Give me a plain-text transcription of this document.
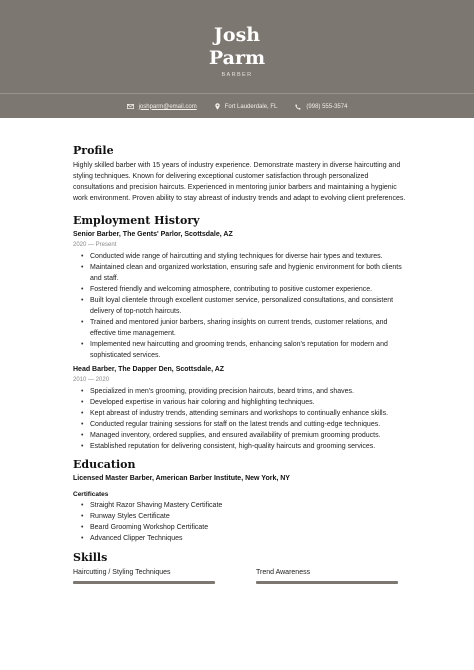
Josh
Parm
BARBER
joshparm@email.com	Fort Lauderdale, FL	(998) 555-3574
Profile

Highly skilled barber with 15 years of industry experience. Demonstrate mastery in diverse haircutting and styling techniques. Known for delivering exceptional customer satisfaction through personalized consultations and precision haircuts. Experienced in mentoring junior barbers and maintaining a hygienic work environment. Proven ability to stay abreast of industry trends and adapt to evolving client preferences.

Employment History
Senior Barber, The Gents' Parlor, Scottsdale, AZ
2020 — Present
• Conducted wide range of haircutting and styling techniques for diverse hair types and textures.
• Maintained clean and organized workstation, ensuring safe and hygienic environment for both clients and staff.
• Fostered friendly and welcoming atmosphere, contributing to positive customer experience.
• Built loyal clientele through excellent customer service, personalized consultations, and consistent delivery of top-notch haircuts.
• Trained and mentored junior barbers, sharing insights on current trends, customer relations, and effective time management.
• Implemented new haircutting and grooming trends, enhancing salon's reputation for modern and sophisticated services.
Head Barber, The Dapper Den, Scottsdale, AZ
2010 — 2020
• Specialized in men's grooming, providing precision haircuts, beard trims, and shaves.
• Developed expertise in various hair coloring and highlighting techniques.
• Kept abreast of industry trends, attending seminars and workshops to continually enhance skills.
• Conducted regular training sessions for staff on the latest trends and cutting-edge techniques.
• Managed inventory, ordered supplies, and ensured availability of premium grooming products.
• Established reputation for delivering consistent, high-quality haircuts and grooming services.
Education
Licensed Master Barber, American Barber Institute, New York, NY
Certificates
• Straight Razor Shaving Mastery Certificate
• Runway Styles Certificate
• Beard Grooming Workshop Certificate
• Advanced Clipper Techniques
Skills
Haircutting / Styling Techniques	Trend Awareness
